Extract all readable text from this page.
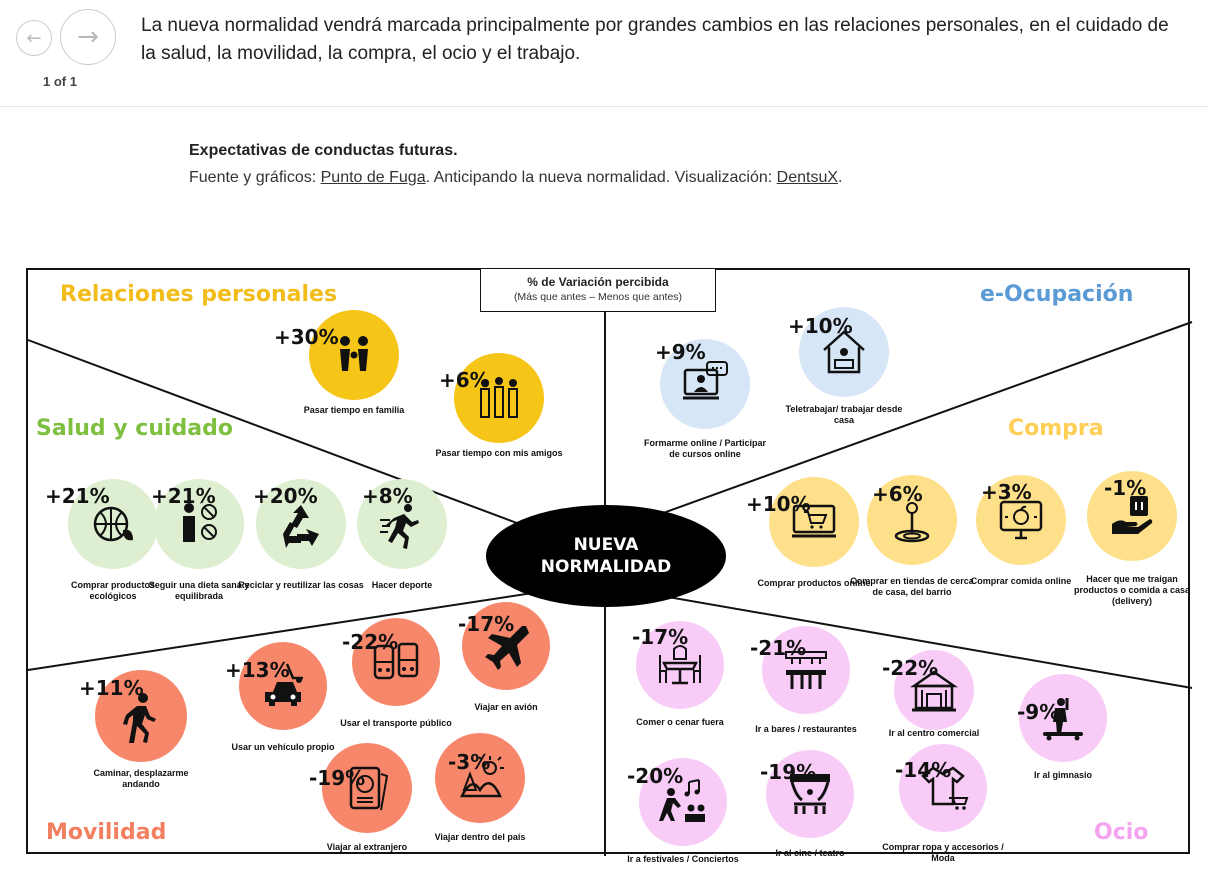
← →
1 of 1
La nueva normalidad vendrá marcada principalmente por grandes cambios en las relaciones personales, en el cuidado de la salud, la movilidad, la compra, el ocio y el trabajo.
Expectativas de conductas futuras.
Fuente y gráficos: Punto de Fuga. Anticipando la nueva normalidad. Visualización: DentsuX.
Relaciones personales
Salud y cuidado
Movilidad
e-Ocupación
Compra
Ocio
% de Variación percibida
(Más que antes – Menos que antes)
NUEVA
NORMALIDAD
+30%
Pasar tiempo en familia
+6%
Pasar tiempo con mis amigos
+21%
Comprar productos ecológicos
+21%
Seguir una dieta sana y equilibrada
+20%
Reciclar y reutilizar las cosas
+8%
Hacer deporte
+11%
Caminar, desplazarme andando
+13%
Usar un vehículo propio
-22%
Usar el transporte público
-17%
Viajar en avión
-19%
Viajar al extranjero
-3%
Viajar dentro del país
+9%
Formarme online / Participar de cursos online
+10%
Teletrabajar/ trabajar desde casa
+10%
Comprar productos online
+6%
Comprar en tiendas de cerca de casa, del barrio
+3%
Comprar comida online
-1%
Hacer que me traigan productos o comida a casa (delivery)
-17%
Comer o cenar fuera
-21%
Ir a bares / restaurantes
-22%
Ir al centro comercial
-9%
Ir al gimnasio
-20%
Ir a festivales / Conciertos
-19%
Ir al cine / teatro
-14%
Comprar ropa y accesorios / Moda
